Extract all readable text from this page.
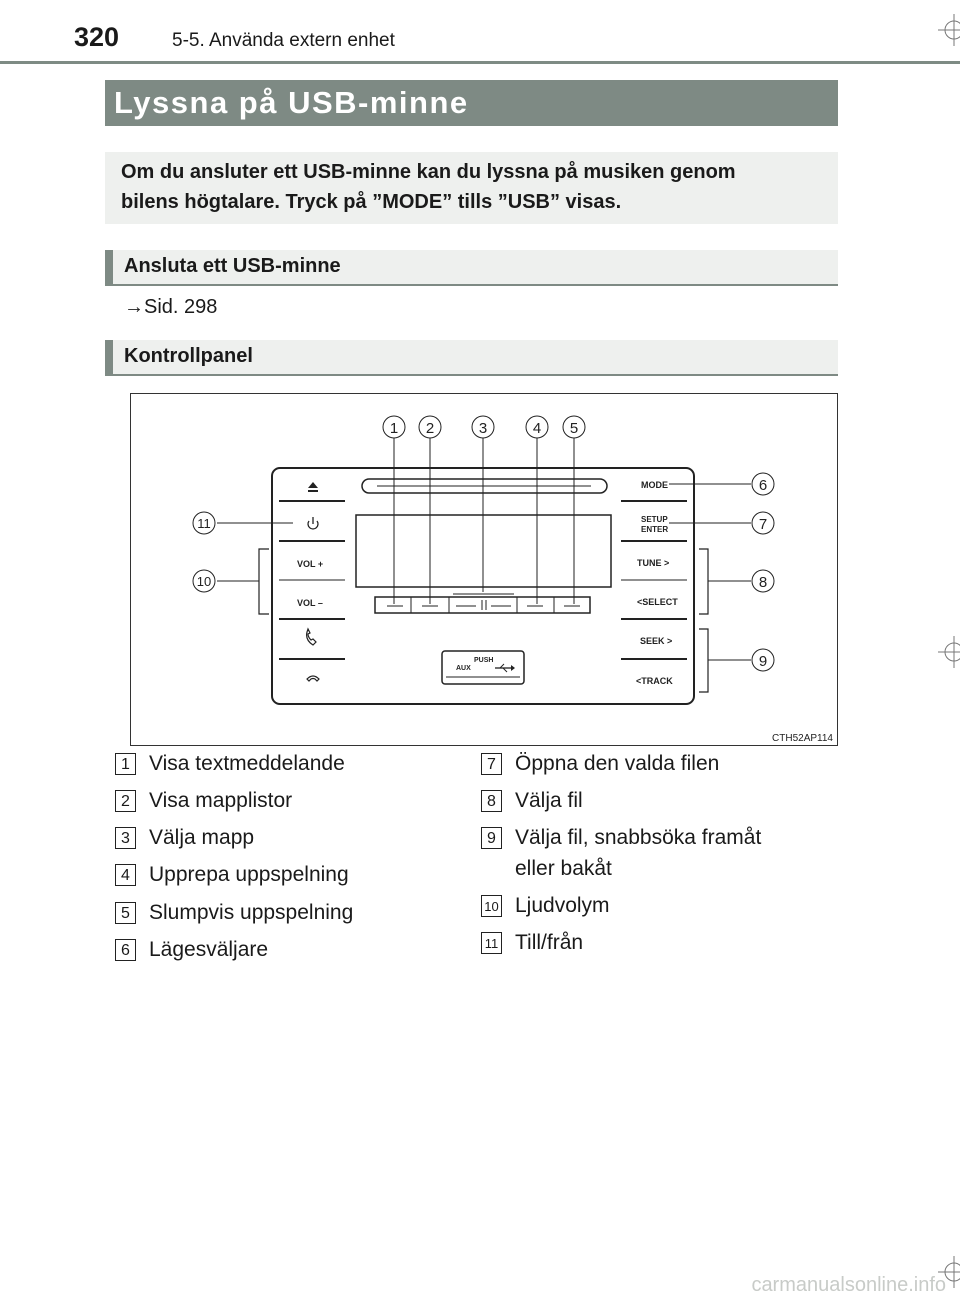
320	5-5. Använda extern enhet
Lyssna på USB-minne
Om du ansluter ett USB-minne kan du lyssna på musiken genom
bilens högtalare. Tryck på ”MODE” tills ”USB” visas.
Ansluta ett USB-minne
→Sid. 298
Kontrollpanel
VOL +
VOL –
MODE
SETUP
ENTER
TUNE >
<SELECT
SEEK >
<TRACK
PUSH
AUX
1 2	3	4 5
6
7
8
9
10
11
CTH52AP114
1 Visa textmeddelande
2 Visa mapplistor
3 Välja mapp
4 Upprepa uppspelning
5 Slumpvis uppspelning
6 Lägesväljare
7 Öppna den valda filen
8 Välja fil
9 Välja fil, snabbsöka framåt
eller bakåt
10 Ljudvolym
11 Till/från
carmanualsonline.info
